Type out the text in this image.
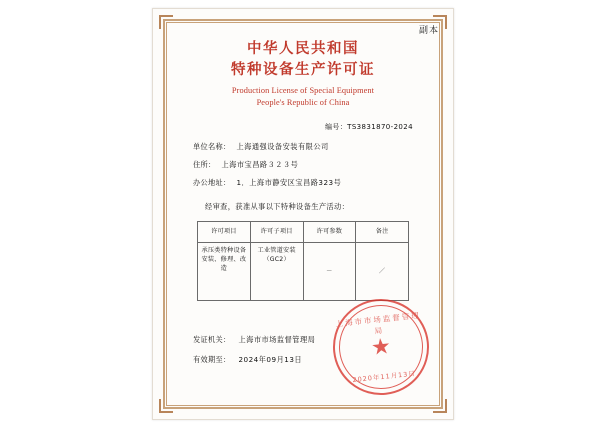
副本
中华人民共和国
特种设备生产许可证
Production License of Special Equipment
People's Republic of China
编号：TS3831870-2024
单位名称： 上海通强设备安装有限公司
住所： 上海市宝昌路３２３号
办公地址： 1．上海市静安区宝昌路323号
经审查，获准从事以下特种设备生产活动：
许可项目	许可子项目	许可参数	备注
承压类特种设备安装、修理、改造	工业管道安装（GC2）	－	／
发证机关： 上海市市场监督管理局
有效期至： 2024年09月13日
上海市市场监督管理局
★
2020年11月13日
